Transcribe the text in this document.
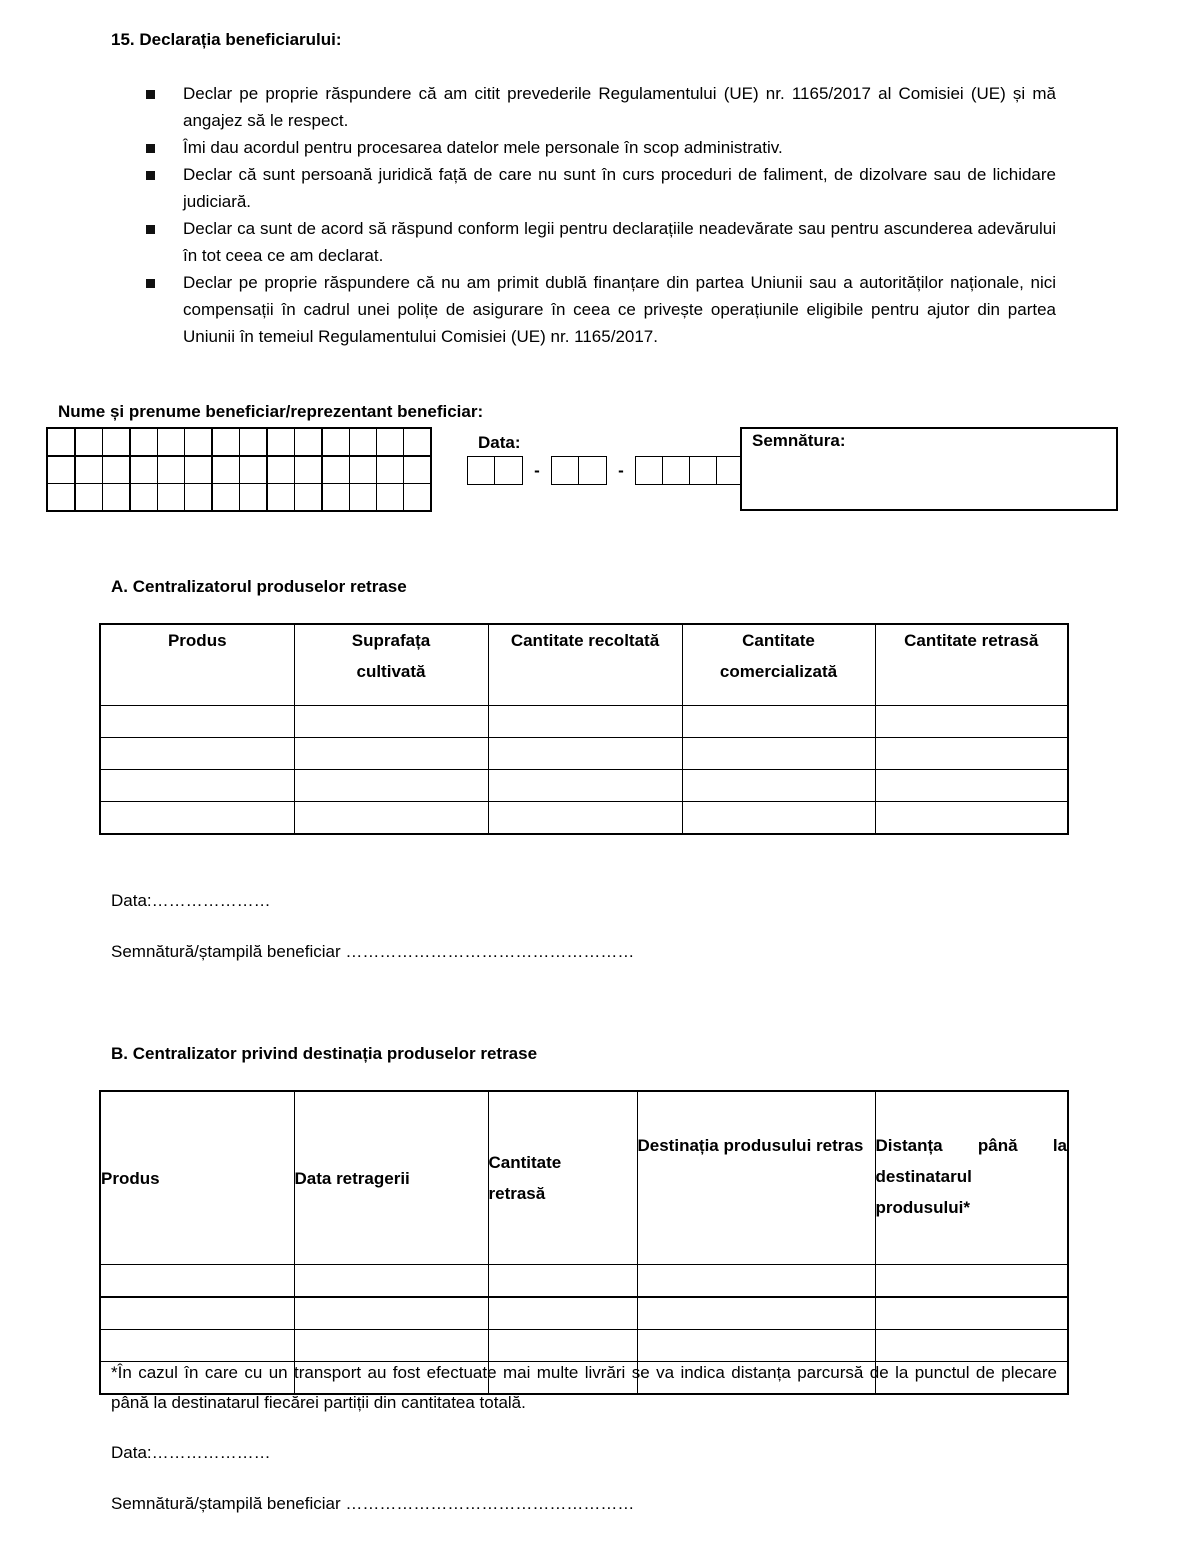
15. Declarația beneficiarului:
Declar pe proprie răspundere că am citit prevederile Regulamentului (UE) nr. 1165/2017 al Comisiei (UE) și mă angajez să le respect.
Îmi dau acordul pentru procesarea datelor mele personale în scop administrativ.
Declar că sunt persoană juridică față de care nu sunt în curs proceduri de faliment, de dizolvare sau de lichidare judiciară.
Declar ca sunt de acord să răspund conform legii pentru declarațiile neadevărate sau pentru ascunderea adevărului în tot ceea ce am declarat.
Declar pe proprie răspundere că nu am primit dublă finanțare din partea Uniunii sau a autorităților naționale, nici compensații în cadrul unei polițe de asigurare în ceea ce privește operațiunile eligibile pentru ajutor din partea Uniunii în temeiul Regulamentului Comisiei (UE) nr. 1165/2017.
Nume și prenume beneficiar/reprezentant beneficiar:

Data:
-	-
Semnătura:
A. Centralizatorul produselor retrase
Produs	Suprafața cultivată	Cantitate recoltată	Cantitate comercializată	Cantitate retrasă

Data:…………………
Semnătură/ștampilă beneficiar ……………………………………………
B. Centralizator privind destinația produselor retrase
Produs	Data retragerii	Cantitate retrasă	Destinația produsului retras	Distanța până la destinatarul produsului*

*În cazul în care cu un transport au fost efectuate mai multe livrări se va indica distanța parcursă de la punctul de plecare până la destinatarul fiecărei partiții din cantitatea totală.
Data:…………………
Semnătură/ștampilă beneficiar ……………………………………………
